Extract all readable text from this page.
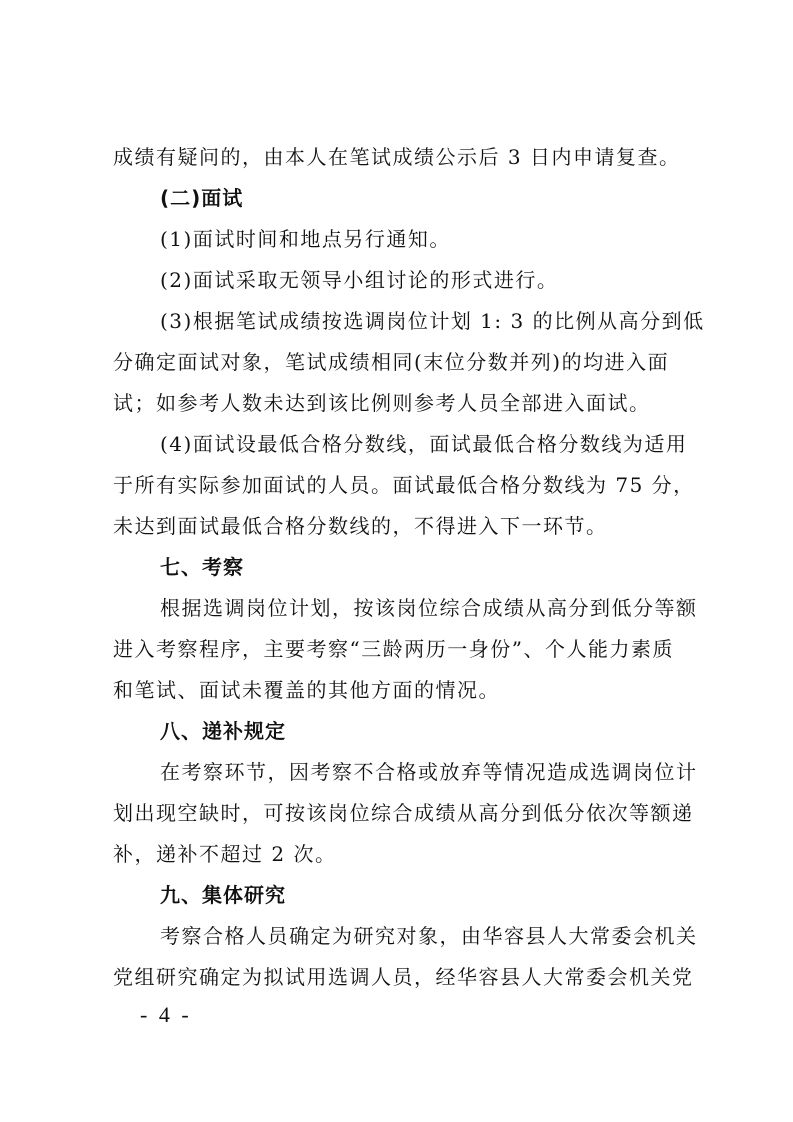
成绩有疑问的，由本人在笔试成绩公示后 3 日内申请复查。
(二)面试
(1)面试时间和地点另行通知。
(2)面试采取无领导小组讨论的形式进行。
(3)根据笔试成绩按选调岗位计划 1: 3 的比例从高分到低
分确定面试对象，笔试成绩相同(末位分数并列)的均进入面
试；如参考人数未达到该比例则参考人员全部进入面试。
(4)面试设最低合格分数线，面试最低合格分数线为适用
于所有实际参加面试的人员。面试最低合格分数线为 75 分，
未达到面试最低合格分数线的，不得进入下一环节。
七、考察
根据选调岗位计划，按该岗位综合成绩从高分到低分等额
进入考察程序，主要考察“三龄两历一身份”、个人能力素质
和笔试、面试未覆盖的其他方面的情况。
八、递补规定
在考察环节，因考察不合格或放弃等情况造成选调岗位计
划出现空缺时，可按该岗位综合成绩从高分到低分依次等额递
补，递补不超过 2 次。
九、集体研究
考察合格人员确定为研究对象，由华容县人大常委会机关
党组研究确定为拟试用选调人员，经华容县人大常委会机关党
- 4 -
